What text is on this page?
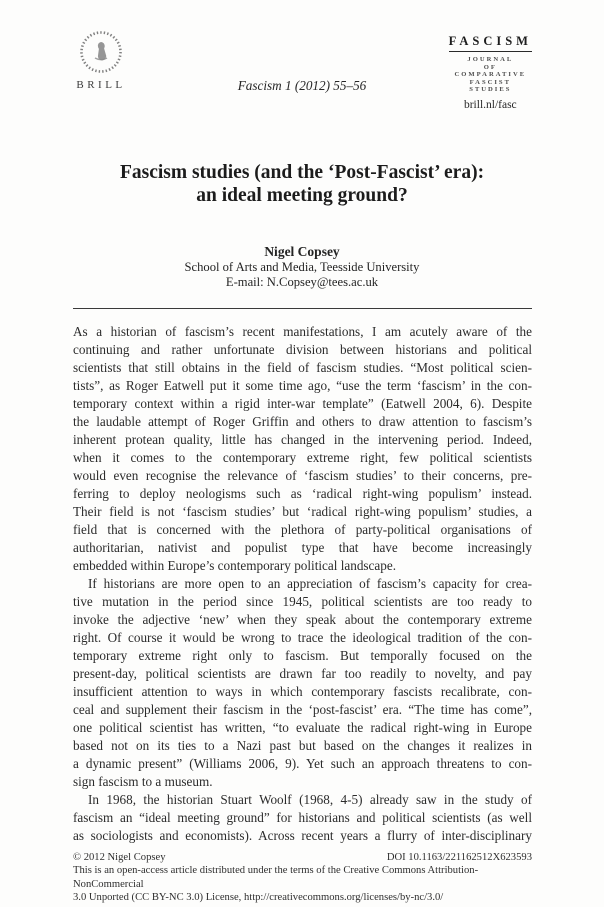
BRILL	Fascism 1 (2012) 55–56
FASCISM
JOURNAL
OF
COMPARATIVE
FASCIST
STUDIES
brill.nl/fasc
Fascism studies (and the ‘Post-Fascist’ era):
an ideal meeting ground?
Nigel Copsey
School of Arts and Media, Teesside University
E-mail: N.Copsey@tees.ac.uk
As a historian of fascism’s recent manifestations, I am acutely aware of the
continuing and rather unfortunate division between historians and political
scientists that still obtains in the field of fascism studies. “Most political scien-
tists”, as Roger Eatwell put it some time ago, “use the term ‘fascism’ in the con-
temporary context within a rigid inter-war template” (Eatwell 2004, 6). Despite
the laudable attempt of Roger Griffin and others to draw attention to fascism’s
inherent protean quality, little has changed in the intervening period. Indeed,
when it comes to the contemporary extreme right, few political scientists
would even recognise the relevance of ‘fascism studies’ to their concerns, pre-
ferring to deploy neologisms such as ‘radical right-wing populism’ instead.
Their field is not ‘fascism studies’ but ‘radical right-wing populism’ studies, a
field that is concerned with the plethora of party-political organisations of
authoritarian, nativist and populist type that have become increasingly
embedded within Europe’s contemporary political landscape.
If historians are more open to an appreciation of fascism’s capacity for crea-
tive mutation in the period since 1945, political scientists are too ready to
invoke the adjective ‘new’ when they speak about the contemporary extreme
right. Of course it would be wrong to trace the ideological tradition of the con-
temporary extreme right only to fascism. But temporally focused on the
present-day, political scientists are drawn far too readily to novelty, and pay
insufficient attention to ways in which contemporary fascists recalibrate, con-
ceal and supplement their fascism in the ‘post-fascist’ era. “The time has come”,
one political scientist has written, “to evaluate the radical right-wing in Europe
based not on its ties to a Nazi past but based on the changes it realizes in
a dynamic present” (Williams 2006, 9). Yet such an approach threatens to con-
sign fascism to a museum.
In 1968, the historian Stuart Woolf (1968, 4-5) already saw in the study of
fascism an “ideal meeting ground” for historians and political scientists (as well
as sociologists and economists). Across recent years a flurry of inter-disciplinary
© 2012 Nigel Copsey	DOI 10.1163/221162512X623593
This is an open-access article distributed under the terms of the Creative Commons Attribution-NonCommercial
3.0 Unported (CC BY-NC 3.0) License, http://creativecommons.org/licenses/by-nc/3.0/
